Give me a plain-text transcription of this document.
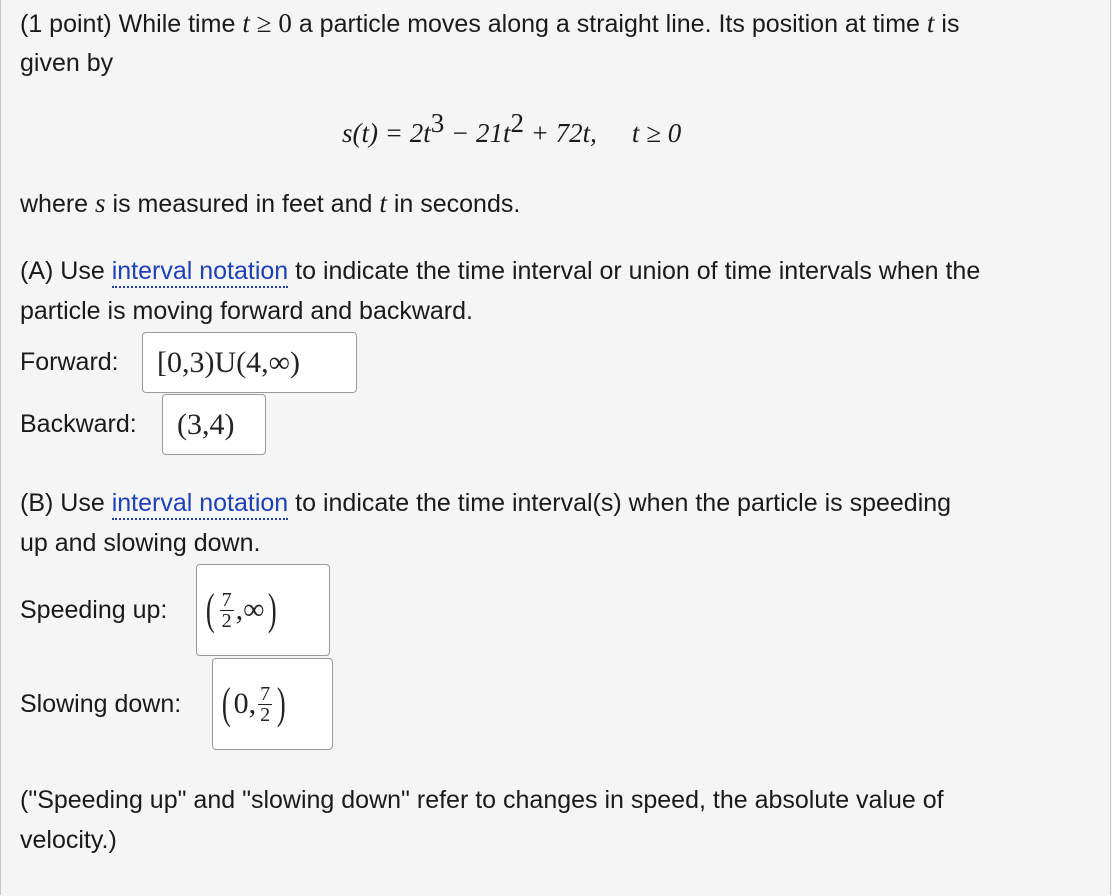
(1 point) While time t ≥ 0 a particle moves along a straight line. Its position at time t is
given by
$s(t) = 2t^3 - 21t^2 + 72t$, t ≥ 0
where s is measured in feet and t in seconds.
(A) Use interval notation to indicate the time interval or union of time intervals when the
particle is moving forward and backward.
Forward: [0,3)U(4,∞)
Backward: (3,4)
(B) Use interval notation to indicate the time interval(s) when the particle is speeding
up and slowing down.
Speeding up: ( $\frac{7}{2}$ ,∞ )
Slowing down: ( 0, $\frac{7}{2}$ )
("Speeding up" and "slowing down" refer to changes in speed, the absolute value of
velocity.)
